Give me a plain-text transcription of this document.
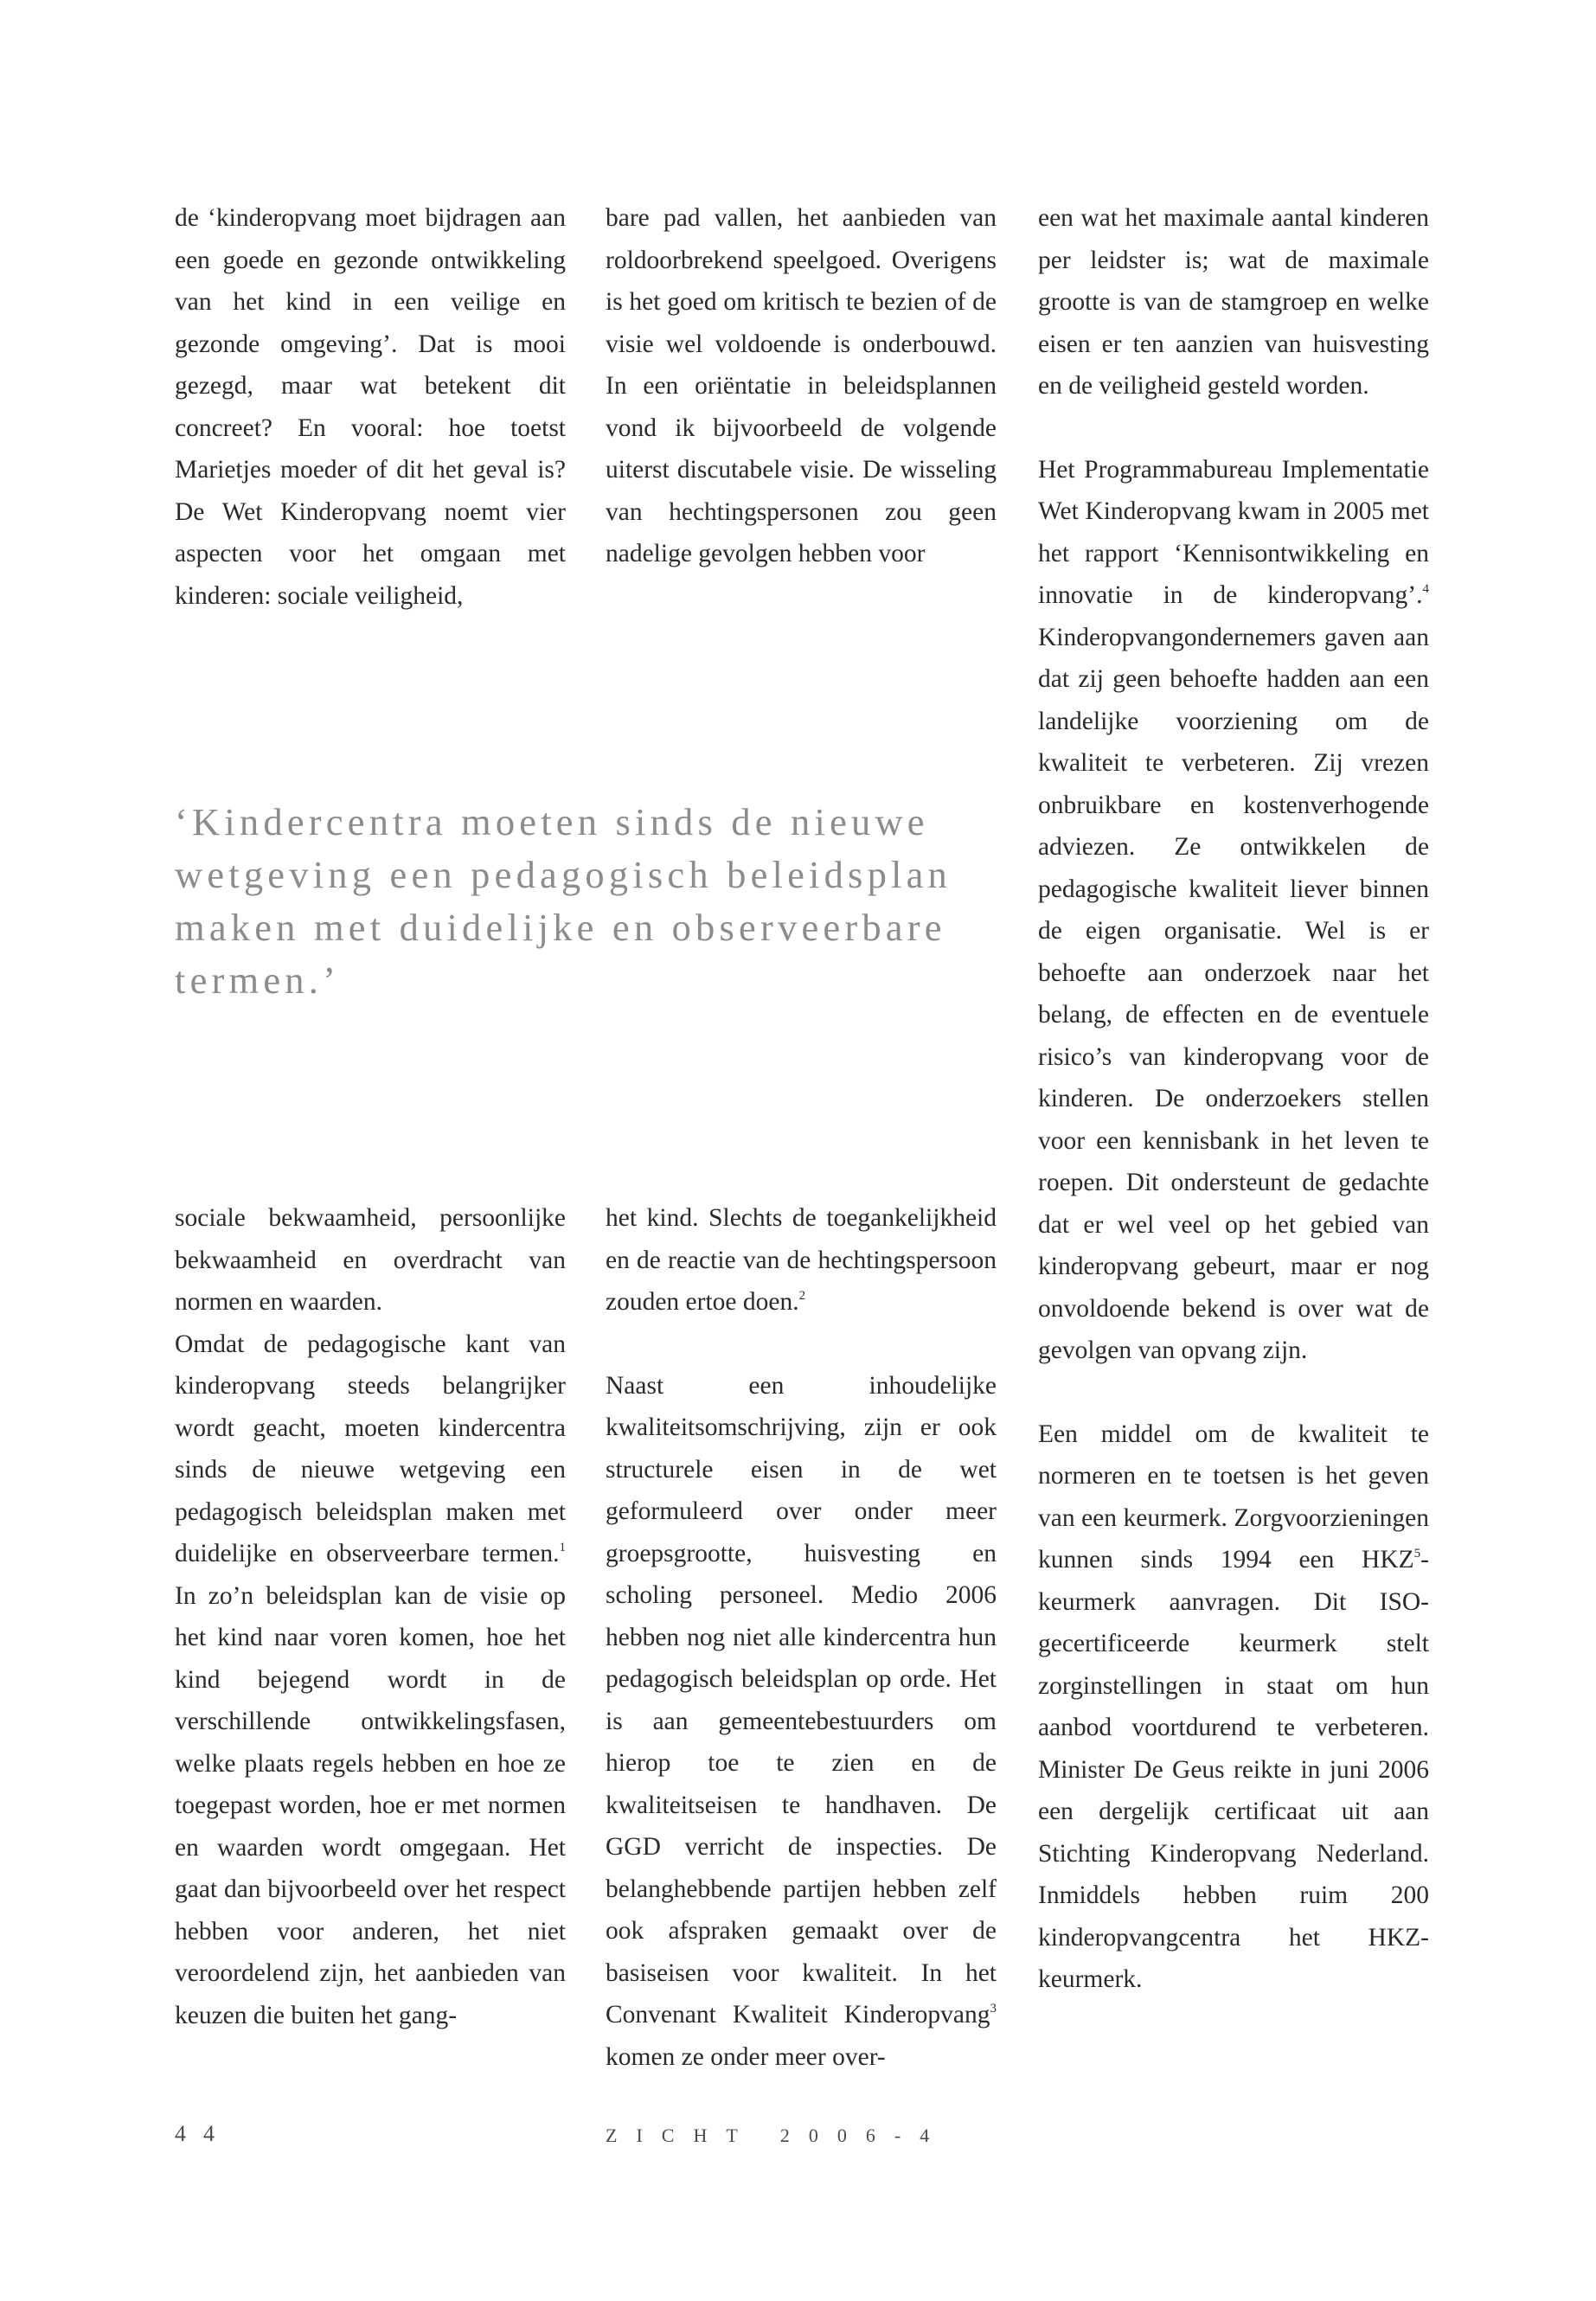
de ‘kinderopvang moet bijdragen aan een goede en gezonde ontwikkeling van het kind in een veilige en gezonde omgeving’. Dat is mooi gezegd, maar wat betekent dit concreet? En vooral: hoe toetst Marietjes moeder of dit het geval is? De Wet Kinderopvang noemt vier aspecten voor het omgaan met kinderen: sociale veiligheid,

bare pad vallen, het aanbieden van roldoorbrekend speelgoed. Overigens is het goed om kritisch te bezien of de visie wel voldoende is onderbouwd. In een oriëntatie in beleidsplannen vond ik bijvoorbeeld de volgende uiterst discutabele visie. De wisseling van hechtingspersonen zou geen nadelige gevolgen hebben voor

‘Kindercentra moeten sinds de nieuwe wetgeving een pedagogisch beleidsplan maken met duidelijke en observeerbare termen.’

sociale bekwaamheid, persoonlijke bekwaamheid en overdracht van normen en waarden.

Omdat de pedagogische kant van kinderopvang steeds belangrijker wordt geacht, moeten kindercentra sinds de nieuwe wetgeving een pedagogisch beleidsplan maken met duidelijke en observeerbare termen.$^1$ In zo’n beleidsplan kan de visie op het kind naar voren komen, hoe het kind bejegend wordt in de verschillende ontwikkelingsfasen, welke plaats regels hebben en hoe ze toegepast worden, hoe er met normen en waarden wordt omgegaan. Het gaat dan bijvoorbeeld over het respect hebben voor anderen, het niet veroordelend zijn, het aanbieden van keuzen die buiten het gang-

het kind. Slechts de toegankelijkheid en de reactie van de hechtingspersoon zouden ertoe doen.$^2$

Naast een inhoudelijke kwaliteitsomschrijving, zijn er ook structurele eisen in de wet geformuleerd over onder meer groepsgrootte, huisvesting en scholing personeel. Medio 2006 hebben nog niet alle kindercentra hun pedagogisch beleidsplan op orde. Het is aan gemeentebestuurders om hierop toe te zien en de kwaliteitseisen te handhaven. De GGD verricht de inspecties. De belanghebbende partijen hebben zelf ook afspraken gemaakt over de basiseisen voor kwaliteit. In het Convenant Kwaliteit Kinderopvang$^3$ komen ze onder meer over-

een wat het maximale aantal kinderen per leidster is; wat de maximale grootte is van de stamgroep en welke eisen er ten aanzien van huisvesting en de veiligheid gesteld worden.

Het Programmabureau Implementatie Wet Kinderopvang kwam in 2005 met het rapport ‘Kennisontwikkeling en innovatie in de kinderopvang’.$^4$ Kinderopvangondernemers gaven aan dat zij geen behoefte hadden aan een landelijke voorziening om de kwaliteit te verbeteren. Zij vrezen onbruikbare en kostenverhogende adviezen. Ze ontwikkelen de pedagogische kwaliteit liever binnen de eigen organisatie. Wel is er behoefte aan onderzoek naar het belang, de effecten en de eventuele risico’s van kinderopvang voor de kinderen. De onderzoekers stellen voor een kennisbank in het leven te roepen. Dit ondersteunt de gedachte dat er wel veel op het gebied van kinderopvang gebeurt, maar er nog onvoldoende bekend is over wat de gevolgen van opvang zijn.

Een middel om de kwaliteit te normeren en te toetsen is het geven van een keurmerk. Zorgvoorzieningen kunnen sinds 1994 een HKZ$^5$-keurmerk aanvragen. Dit ISO-gecertificeerde keurmerk stelt zorginstellingen in staat om hun aanbod voortdurend te verbeteren. Minister De Geus reikte in juni 2006 een dergelijk certificaat uit aan Stichting Kinderopvang Nederland. Inmiddels hebben ruim 200 kinderopvangcentra het HKZ-keurmerk.

44	ZICHT 2006-4
